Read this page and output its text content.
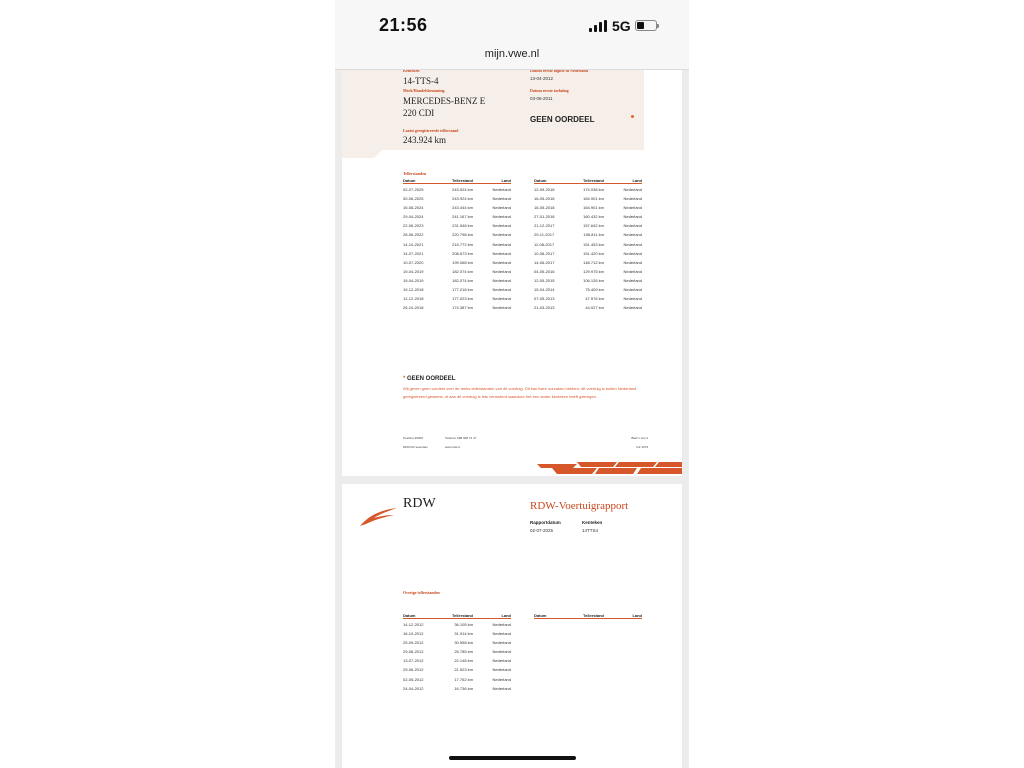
21:56	5G
mijn.vwe.nl
Kenteken
14-TTS-4
Merk/Handelsbenaming
MERCEDES-BENZ E
220 CDI
Laatst geregistreerde tellerstand
243.924 km
Datum eerste afgifte in Nederland
13-04-2012
Datum eerste toelating
03-06-2011
GEEN OORDEEL
Tellerstanden
Datum	Tellerstand	Land
02-07-2025	243.924 km	Nederland
30-06-2025	243.924 km	Nederland
15-08-2024	243.444 km	Nederland
29-04-2024	241.167 km	Nederland
22-06-2023	231.548 km	Nederland
28-06-2022	220.798 km	Nederland
14-10-2021	215.772 km	Nederland
14-07-2021	208.673 km	Nederland
10-07-2020	199.068 km	Nederland
19-04-2019	182.074 km	Nederland
19-04-2019	182.074 km	Nederland
19-12-2018	177.218 km	Nederland
12-12-2018	177.023 km	Nederland
26-10-2018	174.387 km	Nederland
Datum	Tellerstand	Land
12-09-2018	174.038 km	Nederland
16-05-2018	164.901 km	Nederland
16-05-2018	164.901 km	Nederland
27-01-2018	160.432 km	Nederland
21-12-2017	157.642 km	Nederland
29-11-2017	156.811 km	Nederland
11-08-2017	151.453 km	Nederland
10-08-2017	151.420 km	Nederland
14-06-2017	148.712 km	Nederland
04-05-2016	129.975 km	Nederland
12-05-2015	106.126 km	Nederland
15-04-2014	75.409 km	Nederland
07-05-2013	47.576 km	Nederland
21-03-2013	44.027 km	Nederland
* GEEN OORDEEL
Wij geven geen oordeel over de reeks tellerstanden van dit voertuig. Dit kan twee oorzaken hebben: dit voertuig is buiten Nederland geregistreerd geweest, of aan dit voertuig is iets veranderd waardoor het een ander kenteken heeft gekregen.
Postbus 30000
9640 RA Veendam
Telefoon 088 008 74 47
www.rdw.nl
Blad 1 van 4
3 E 1679
RDW	RDW-Voertuigrapport
Rapportdatum
02-07-2025
Kenteken
14TTS4
Overige tellerstanden
Datum	Tellerstand	Land
14-12-2012	36.105 km	Nederland
16-10-2012	31.914 km	Nederland
25-09-2012	30.558 km	Nederland
29-08-2012	25.785 km	Nederland
13-07-2012	22.148 km	Nederland
29-06-2012	21.523 km	Nederland
02-05-2012	17.762 km	Nederland
24-04-2012	16.736 km	Nederland
Datum	Tellerstand	Land
